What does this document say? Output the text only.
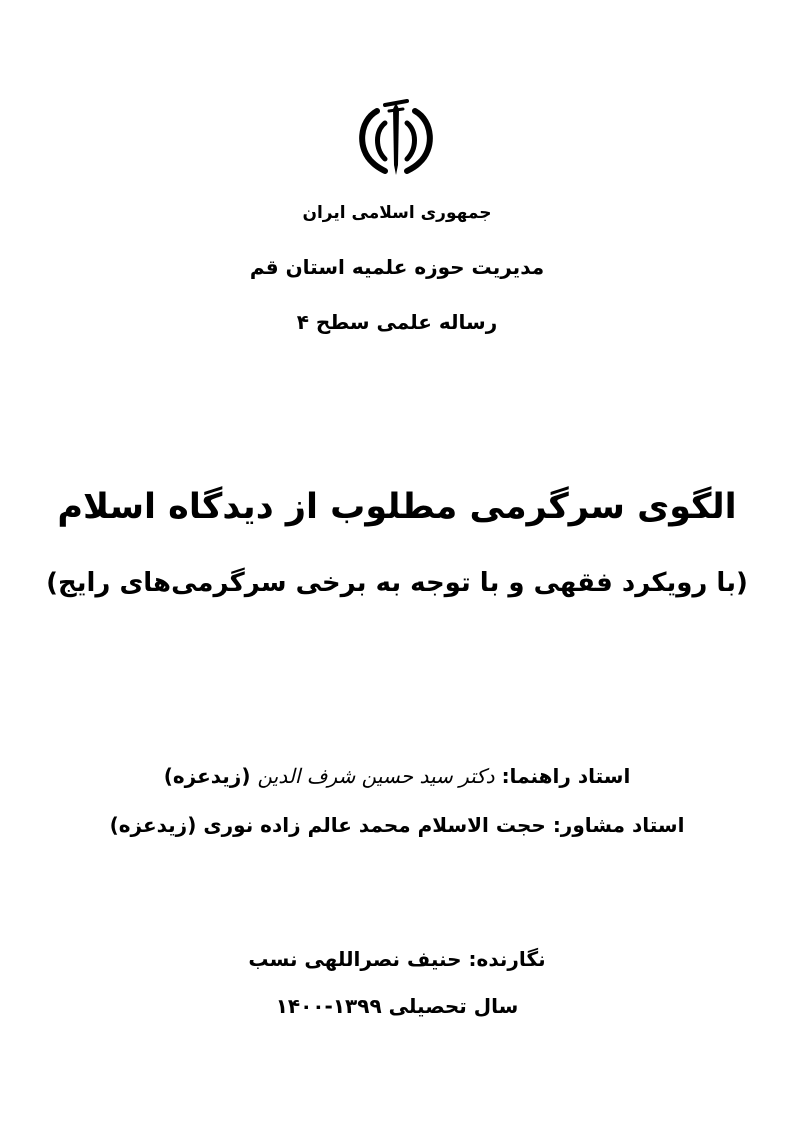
جمهوری اسلامی ایران
مدیریت حوزه علمیه استان قم
رساله علمی سطح ۴
الگوی سرگرمی مطلوب از دیدگاه اسلام
(با رویکرد فقهی و با توجه به برخی سرگرمی‌های رایج)
استاد راهنما: دکتر سید حسین شرف الدین (زیدعزه)
استاد مشاور: حجت الاسلام محمد عالم زاده نوری (زیدعزه)
نگارنده: حنیف نصراللهی نسب
سال تحصیلی ۱۳۹۹-۱۴۰۰
